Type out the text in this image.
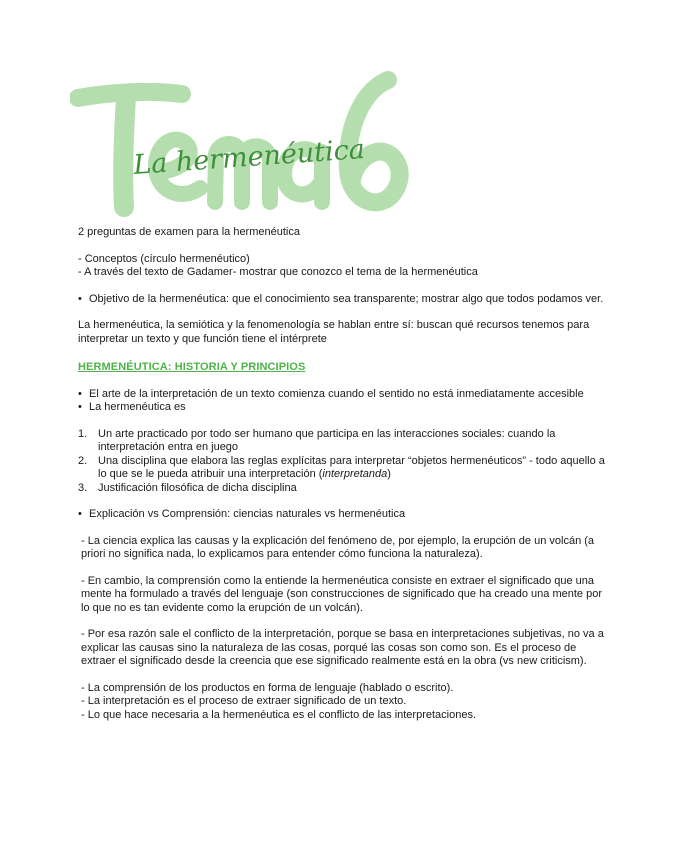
La hermenéutica

2 preguntas de examen para la hermenéutica

- Conceptos (círculo hermenéutico)

- A través del texto de Gadamer- mostrar que conozco el tema de la hermenéutica

• Objetivo de la hermenéutica: que el conocimiento sea transparente; mostrar algo que todos podamos ver.

La hermenéutica, la semiótica y la fenomenología se hablan entre sí: buscan qué recursos tenemos para interpretar un texto y que función tiene el intérprete

HERMENÉUTICA: HISTORIA Y PRINCIPIOS

• El arte de la interpretación de un texto comienza cuando el sentido no está inmediatamente accesible
• La hermenéutica es
1. Un arte practicado por todo ser humano que participa en las interacciones sociales: cuando la interpretación entra en juego
2. Una disciplina que elabora las reglas explícitas para interpretar “objetos hermenéuticos” - todo aquello a lo que se le pueda atribuir una interpretación (interpretanda)
3. Justificación filosófica de dicha disciplina
• Explicación vs Comprensión: ciencias naturales vs hermenéutica

- La ciencia explica las causas y la explicación del fenómeno de, por ejemplo, la erupción de un volcán (a priori no significa nada, lo explicamos para entender cómo funciona la naturaleza).

- En cambio, la comprensión como la entiende la hermenéutica consiste en extraer el significado que una mente ha formulado a través del lenguaje (son construcciones de significado que ha creado una mente por lo que no es tan evidente como la erupción de un volcán).

- Por esa razón sale el conflicto de la interpretación, porque se basa en interpretaciones subjetivas, no va a explicar las causas sino la naturaleza de las cosas, porqué las cosas son como son. Es el proceso de extraer el significado desde la creencia que ese significado realmente está en la obra (vs new criticism).

- La comprensión de los productos en forma de lenguaje (hablado o escrito).

- La interpretación es el proceso de extraer significado de un texto.

- Lo que hace necesaria a la hermenéutica es el conflicto de las interpretaciones.
